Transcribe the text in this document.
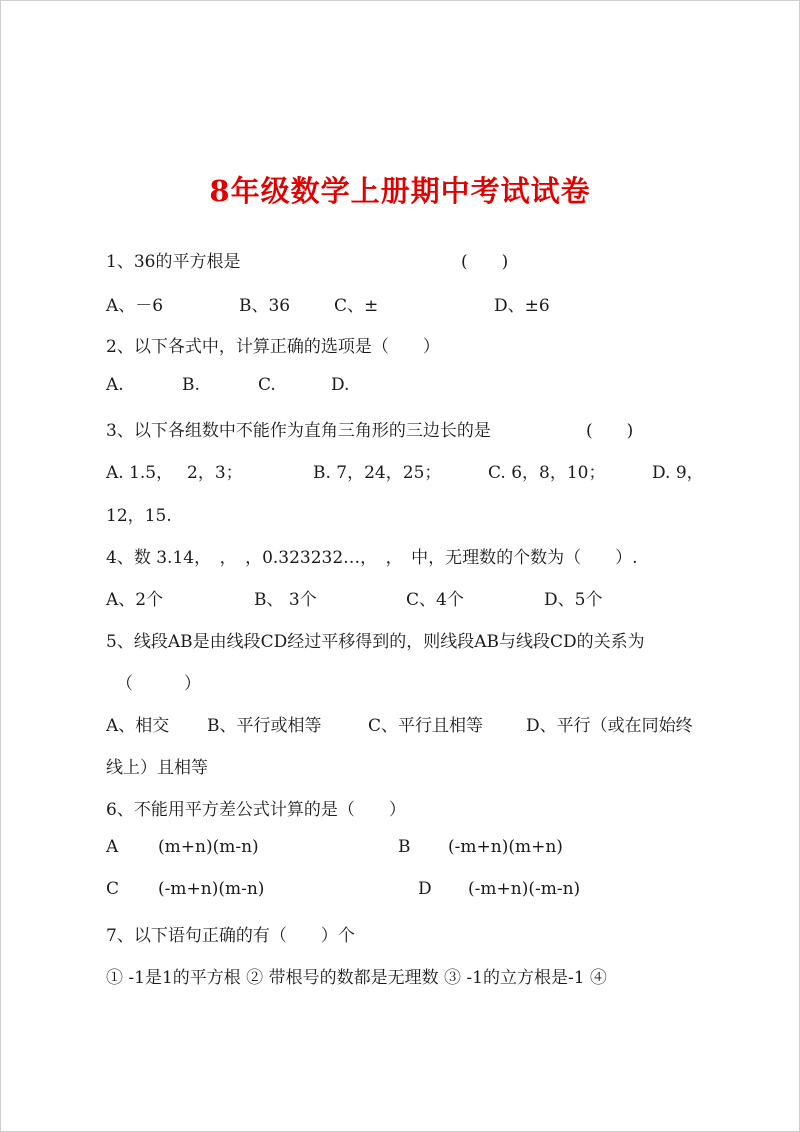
8年级数学上册期中考试试卷
1、36的平方根是	(　　)
A、－6	B、36	C、±	D、±6
2、以下各式中，计算正确的选项是（　　）
A.	B.	C.	D.
3、以下各组数中不能作为直角三角形的三边长的是	(　　)
A. 1.5，　 2，3；	B. 7，24，25；	C. 6，8，10；	D. 9，
12，15.
4、数 3.14，　，　，0.323232…，　，　中，无理数的个数为（　　）.
A、2个	B、 3个	C、4个	D、5个
5、线段AB是由线段CD经过平移得到的，则线段AB与线段CD的关系为
（　　　）
A、相交 B、平行或相等	C、平行且相等	D、平行（或在同始终
线上）且相等
6、不能用平方差公式计算的是（　　）
A (m+n)(m-n)	B (-m+n)(m+n)
C (-m+n)(m-n)	D (-m+n)(-m-n)
7、以下语句正确的有（　　）个
① -1是1的平方根 ② 带根号的数都是无理数 ③ -1的立方根是-1 ④
